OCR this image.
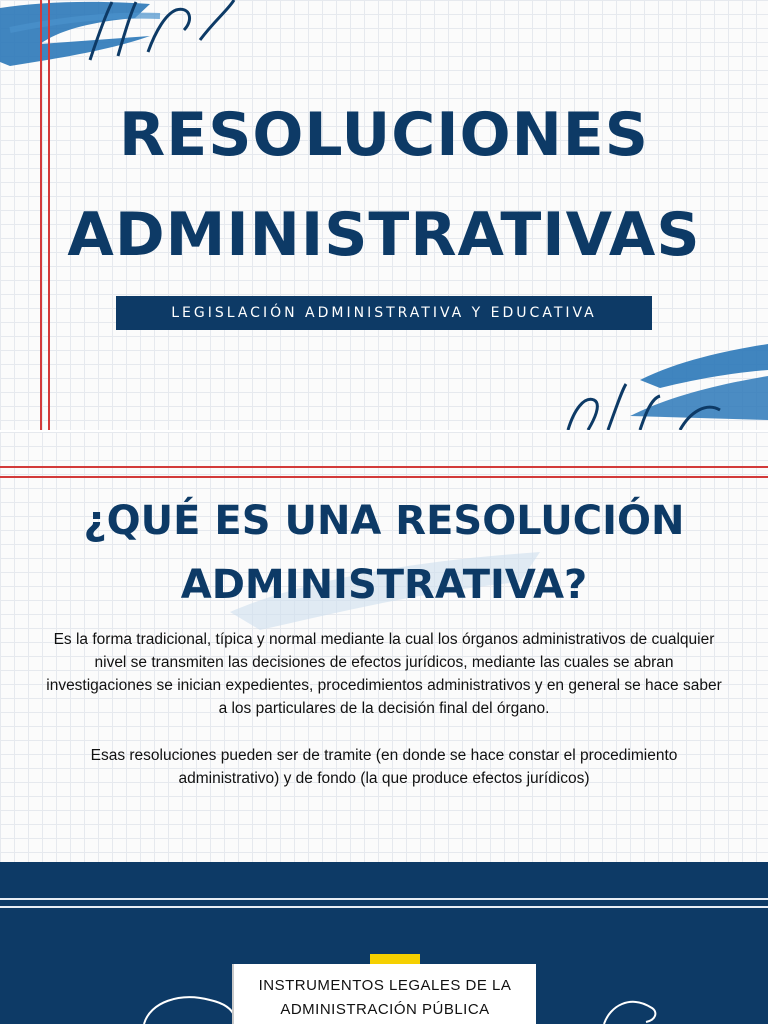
RESOLUCIONES
ADMINISTRATIVAS
LEGISLACIÓN ADMINISTRATIVA Y EDUCATIVA
¿QUÉ ES UNA RESOLUCIÓN
ADMINISTRATIVA?

Es la forma tradicional, típica y normal mediante la cual los órganos administrativos de cualquier nivel se transmiten las decisiones de efectos jurídicos, mediante las cuales se abran investigaciones se inician expedientes, procedimientos administrativos y en general se hace saber a los particulares de la decisión final del órgano.

Esas resoluciones pueden ser de tramite (en donde se hace constar el procedimiento administrativo) y de fondo (la que produce efectos jurídicos)

INSTRUMENTOS LEGALES DE LA
ADMINISTRACIÓN PÚBLICA
